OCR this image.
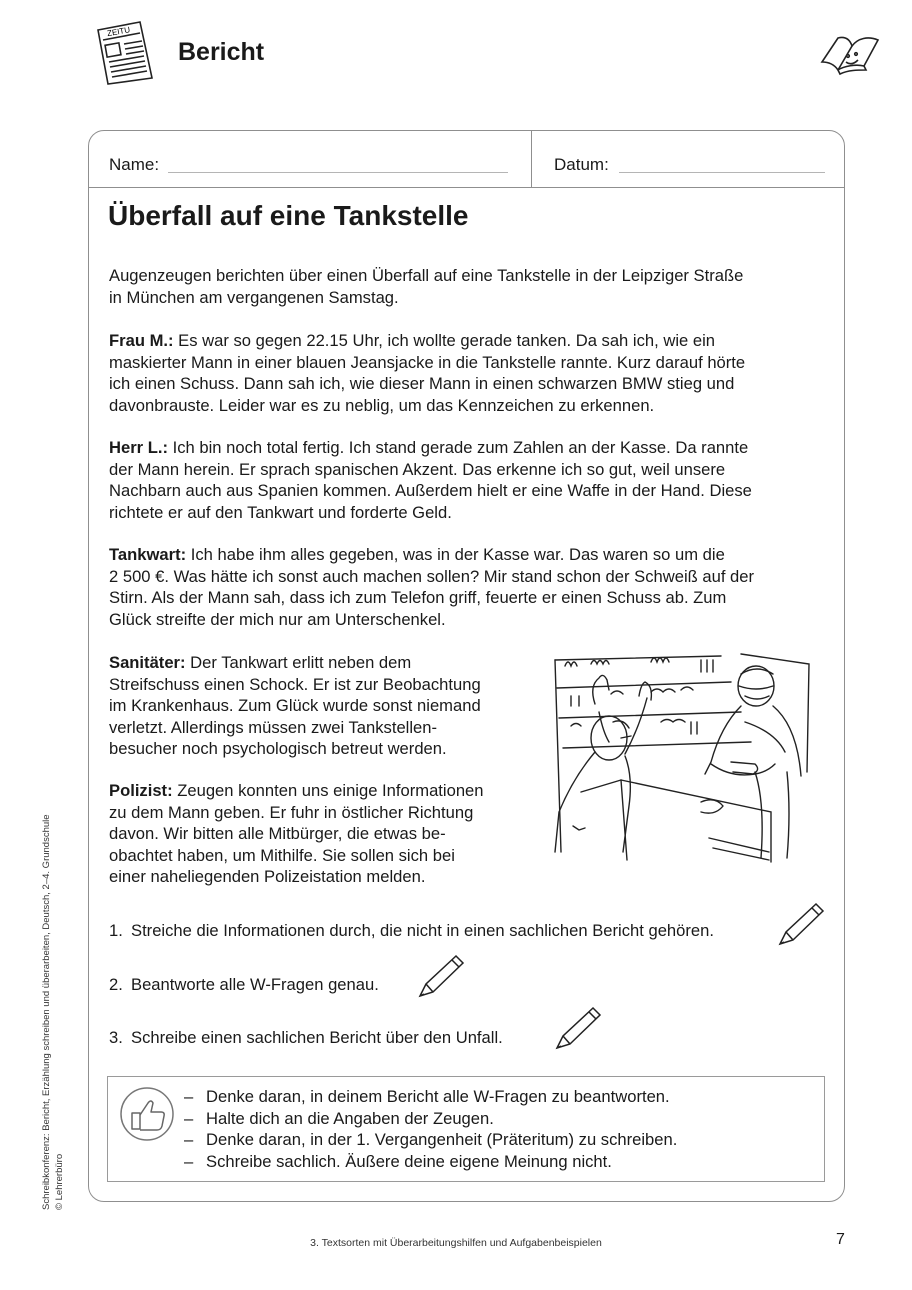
ZEITU
Bericht
Name:	Datum:
Überfall auf eine Tankstelle
Augenzeugen berichten über einen Überfall auf eine Tankstelle in der Leipziger Straße
in München am vergangenen Samstag.
Frau M.: Es war so gegen 22.15 Uhr, ich wollte gerade tanken. Da sah ich, wie ein
maskierter Mann in einer blauen Jeansjacke in die Tankstelle rannte. Kurz darauf hörte
ich einen Schuss. Dann sah ich, wie dieser Mann in einen schwarzen BMW stieg und
davonbrauste. Leider war es zu neblig, um das Kennzeichen zu erkennen.
Herr L.: Ich bin noch total fertig. Ich stand gerade zum Zahlen an der Kasse. Da rannte
der Mann herein. Er sprach spanischen Akzent. Das erkenne ich so gut, weil unsere
Nachbarn auch aus Spanien kommen. Außerdem hielt er eine Waffe in der Hand. Diese
richtete er auf den Tankwart und forderte Geld.
Tankwart: Ich habe ihm alles gegeben, was in der Kasse war. Das waren so um die
2 500 €. Was hätte ich sonst auch machen sollen? Mir stand schon der Schweiß auf der
Stirn. Als der Mann sah, dass ich zum Telefon griff, feuerte er einen Schuss ab. Zum
Glück streifte der mich nur am Unterschenkel.
Sanitäter: Der Tankwart erlitt neben dem
Streifschuss einen Schock. Er ist zur Beobachtung
im Krankenhaus. Zum Glück wurde sonst niemand
verletzt. Allerdings müssen zwei Tankstellen-
besucher noch psychologisch betreut werden.
Polizist: Zeugen konnten uns einige Informationen
zu dem Mann geben. Er fuhr in östlicher Richtung
davon. Wir bitten alle Mitbürger, die etwas be-
obachtet haben, um Mithilfe. Sie sollen sich bei
einer naheliegenden Polizeistation melden.
1. Streiche die Informationen durch, die nicht in einen sachlichen Bericht gehören.
2. Beantworte alle W-Fragen genau.
3. Schreibe einen sachlichen Bericht über den Unfall.
– Denke daran, in deinem Bericht alle W-Fragen zu beantworten.
– Halte dich an die Angaben der Zeugen.
– Denke daran, in der 1. Vergangenheit (Präteritum) zu schreiben.
– Schreibe sachlich. Äußere deine eigene Meinung nicht.
Schreibkonferenz: Bericht, Erzählung schreiben und überarbeiten, Deutsch, 2–4. Grundschule © Lehrerbüro
3. Textsorten mit Überarbeitungshilfen und Aufgabenbeispielen	7
